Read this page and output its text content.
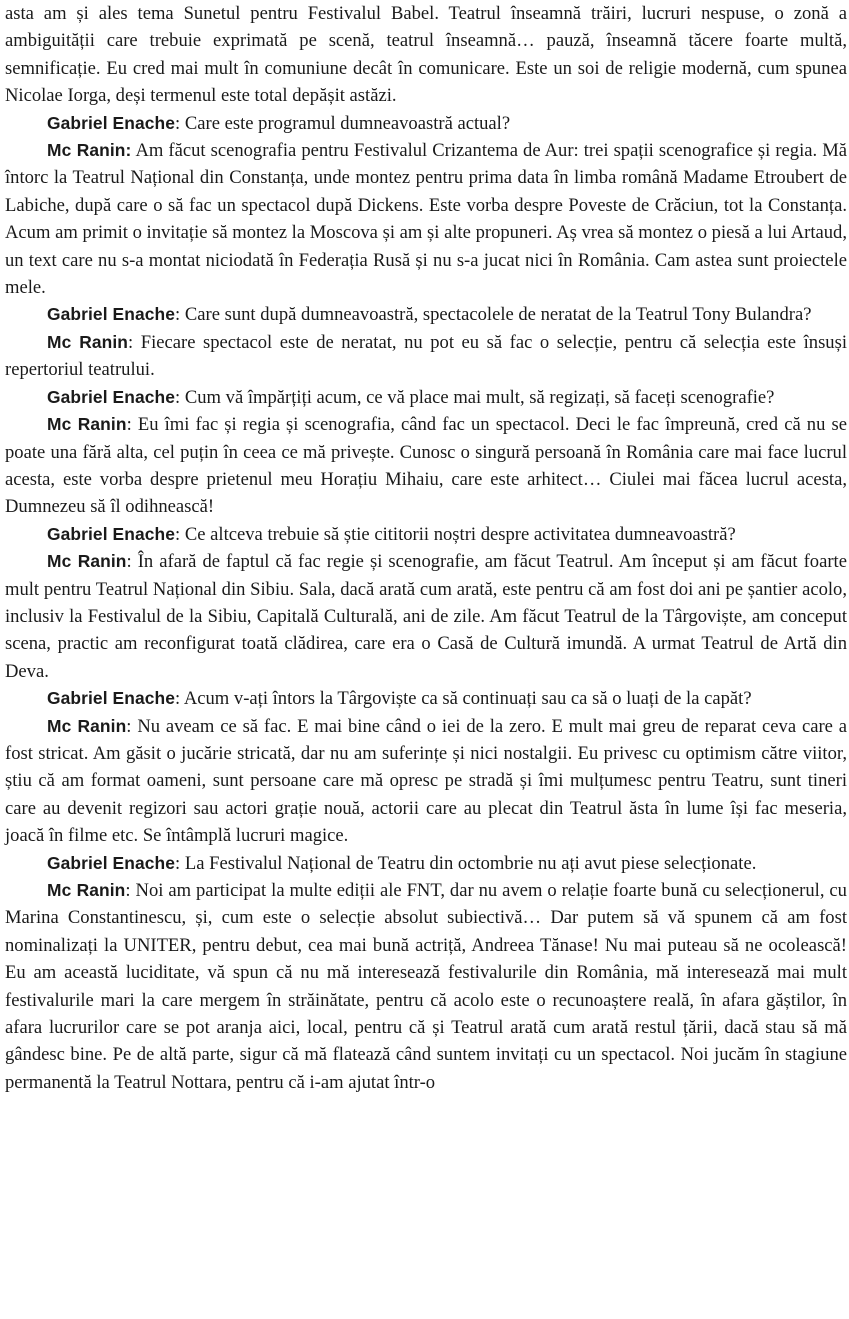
asta am și ales tema Sunetul pentru Festivalul Babel. Teatrul înseamnă trăiri, lucruri nespuse, o zonă a ambiguității care trebuie exprimată pe scenă, teatrul înseamnă… pauză, înseamnă tăcere foarte multă, semnificație. Eu cred mai mult în comuniune decât în comunicare. Este un soi de religie modernă, cum spunea Nicolae Iorga, deși termenul este total depășit astăzi.

Gabriel Enache: Care este programul dumneavoastră actual?

Mc Ranin: Am făcut scenografia pentru Festivalul Crizantema de Aur: trei spații scenografice și regia. Mă întorc la Teatrul Național din Constanța, unde montez pentru prima data în limba română Madame Etroubert de Labiche, după care o să fac un spectacol după Dickens. Este vorba despre Poveste de Crăciun, tot la Constanța. Acum am primit o invitație să montez la Moscova și am și alte propuneri. Aș vrea să montez o piesă a lui Artaud, un text care nu s-a montat niciodată în Federația Rusă și nu s-a jucat nici în România. Cam astea sunt proiectele mele.

Gabriel Enache: Care sunt după dumneavoastră, spectacolele de neratat de la Teatrul Tony Bulandra?

Mc Ranin: Fiecare spectacol este de neratat, nu pot eu să fac o selecție, pentru că selecția este însuși repertoriul teatrului.

Gabriel Enache: Cum vă împărțiți acum, ce vă place mai mult, să regizați, să faceți scenografie?

Mc Ranin: Eu îmi fac și regia și scenografia, când fac un spectacol. Deci le fac împreună, cred că nu se poate una fără alta, cel puțin în ceea ce mă privește. Cunosc o singură persoană în România care mai face lucrul acesta, este vorba despre prietenul meu Horațiu Mihaiu, care este arhitect… Ciulei mai făcea lucrul acesta, Dumnezeu să îl odihnească!

Gabriel Enache: Ce altceva trebuie să știe cititorii noștri despre activitatea dumneavoastră?

Mc Ranin: În afară de faptul că fac regie și scenografie, am făcut Teatrul. Am început și am făcut foarte mult pentru Teatrul Național din Sibiu. Sala, dacă arată cum arată, este pentru că am fost doi ani pe șantier acolo, inclusiv la Festivalul de la Sibiu, Capitală Culturală, ani de zile. Am făcut Teatrul de la Târgoviște, am conceput scena, practic am reconfigurat toată clădirea, care era o Casă de Cultură imundă. A urmat Teatrul de Artă din Deva.

Gabriel Enache: Acum v-ați întors la Târgoviște ca să continuați sau ca să o luați de la capăt?

Mc Ranin: Nu aveam ce să fac. E mai bine când o iei de la zero. E mult mai greu de reparat ceva care a fost stricat. Am găsit o jucărie stricată, dar nu am suferințe și nici nostalgii. Eu privesc cu optimism către viitor, știu că am format oameni, sunt persoane care mă opresc pe stradă și îmi mulțumesc pentru Teatru, sunt tineri care au devenit regizori sau actori grație nouă, actorii care au plecat din Teatrul ăsta în lume își fac meseria, joacă în filme etc. Se întâmplă lucruri magice.

Gabriel Enache: La Festivalul Național de Teatru din octombrie nu ați avut piese selecționate.

Mc Ranin: Noi am participat la multe ediții ale FNT, dar nu avem o relație foarte bună cu selecționerul, cu Marina Constantinescu, și, cum este o selecție absolut subiectivă… Dar putem să vă spunem că am fost nominalizați la UNITER, pentru debut, cea mai bună actriță, Andreea Tănase! Nu mai puteau să ne ocolească! Eu am această luciditate, vă spun că nu mă interesează festivalurile din România, mă interesează mai mult festivalurile mari la care mergem în străinătate, pentru că acolo este o recunoaștere reală, în afara găștilor, în afara lucrurilor care se pot aranja aici, local, pentru că și Teatrul arată cum arată restul țării, dacă stau să mă gândesc bine. Pe de altă parte, sigur că mă flatează când suntem invitați cu un spectacol. Noi jucăm în stagiune permanentă la Teatrul Nottara, pentru că i-am ajutat într-o
